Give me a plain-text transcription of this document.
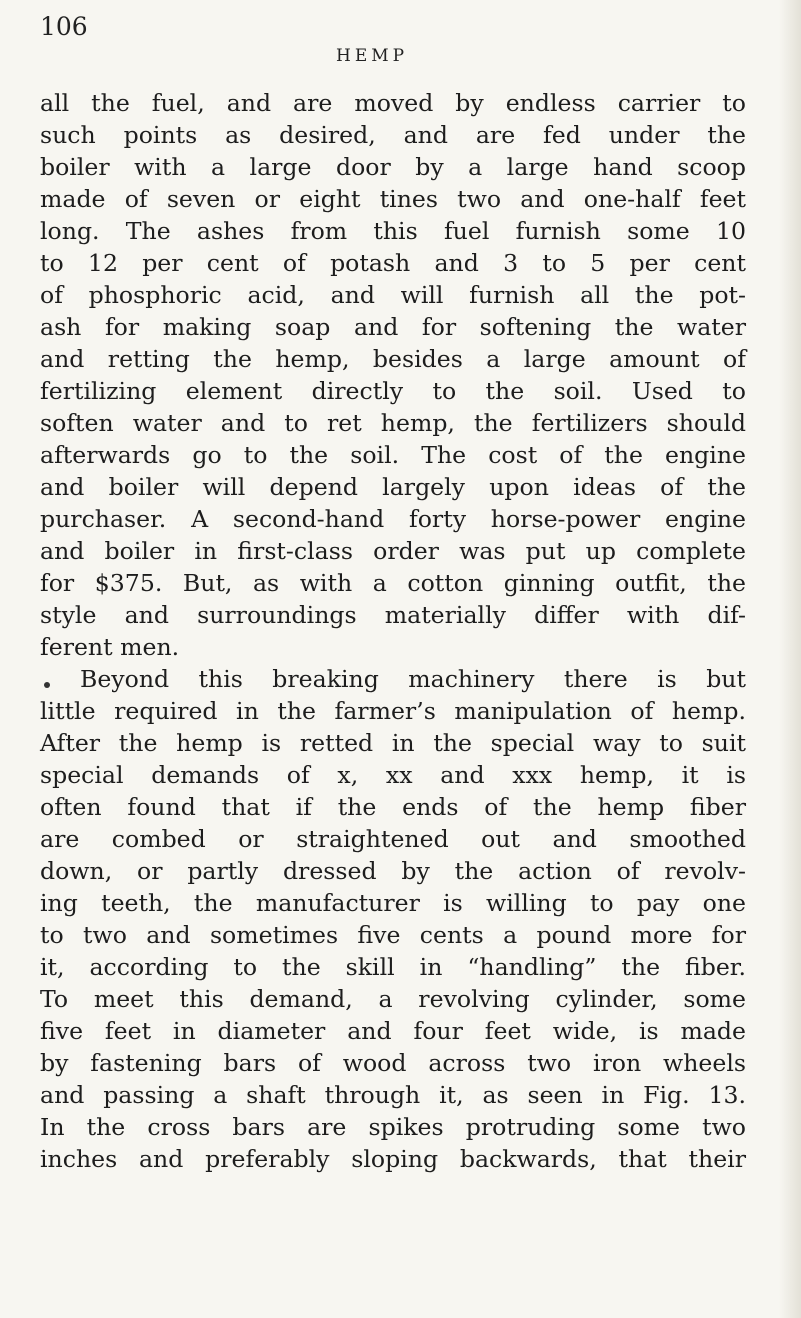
106
HEMP
all the fuel, and are moved by endless carrier to
such points as desired, and are fed under the
boiler with a large door by a large hand scoop
made of seven or eight tines two and one-half feet
long. The ashes from this fuel furnish some 10
to 12 per cent of potash and 3 to 5 per cent
of phosphoric acid, and will furnish all the pot-
ash for making soap and for softening the water
and retting the hemp, besides a large amount of
fertilizing element directly to the soil. Used to
soften water and to ret hemp, the fertilizers should
afterwards go to the soil. The cost of the engine
and boiler will depend largely upon ideas of the
purchaser. A second-hand forty horse-power engine
and boiler in first-class order was put up complete
for $375. But, as with a cotton ginning outfit, the
style and surroundings materially differ with dif-
ferent men.
Beyond this breaking machinery there is but
little required in the farmer’s manipulation of hemp.
After the hemp is retted in the special way to suit
special demands of x, xx and xxx hemp, it is
often found that if the ends of the hemp fiber
are combed or straightened out and smoothed
down, or partly dressed by the action of revolv-
ing teeth, the manufacturer is willing to pay one
to two and sometimes five cents a pound more for
it, according to the skill in “handling” the fiber.
To meet this demand, a revolving cylinder, some
five feet in diameter and four feet wide, is made
by fastening bars of wood across two iron wheels
and passing a shaft through it, as seen in Fig. 13.
In the cross bars are spikes protruding some two
inches and preferably sloping backwards, that their
